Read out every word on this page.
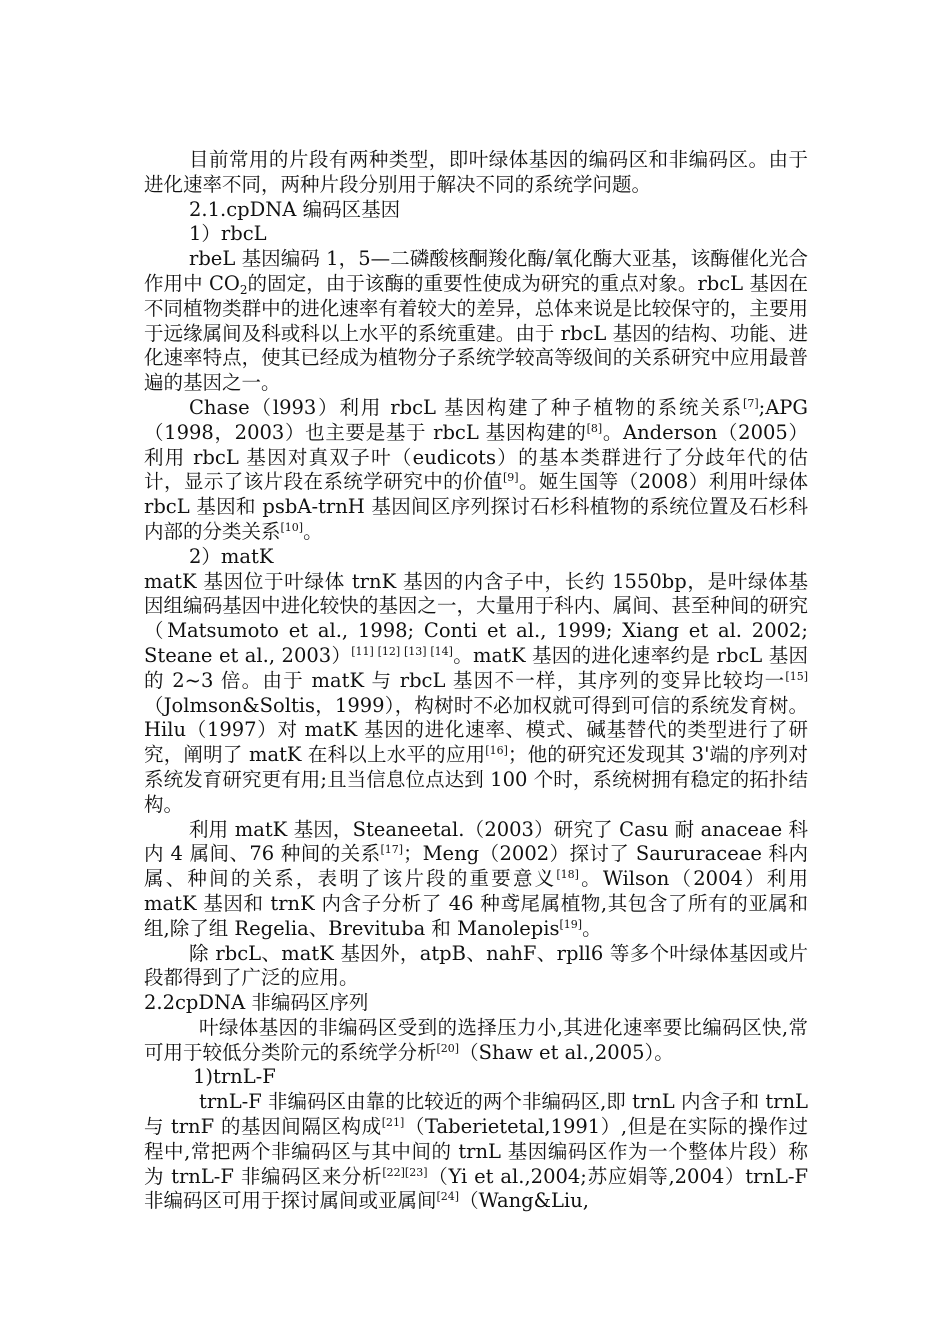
目前常用的片段有两种类型，即叶绿体基因的编码区和非编码区。由于进化速率不同，两种片段分别用于解决不同的系统学问题。

2.1.cpDNA 编码区基因

1）rbcL

rbeL 基因编码 1，5—二磷酸核酮羧化酶/氧化酶大亚基，该酶催化光合作用中 $CO_2$的固定，由于该酶的重要性使成为研究的重点对象。rbcL 基因在不同植物类群中的进化速率有着较大的差异，总体来说是比较保守的，主要用于远缘属间及科或科以上水平的系统重建。由于 rbcL 基因的结构、功能、进化速率特点，使其已经成为植物分子系统学较高等级间的关系研究中应用最普遍的基因之一。

Chase（l993）利用 rbcL 基因构建了种子植物的系统关系[7];APG（1998，2003）也主要是基于 rbcL 基因构建的[8]。Anderson（2005）利用 rbcL 基因对真双子叶（eudicots）的基本类群进行了分歧年代的估计，显示了该片段在系统学研究中的价值[9]。姬生国等（2008）利用叶绿体 rbcL 基因和 psbA-trnH 基因间区序列探讨石杉科植物的系统位置及石杉科内部的分类关系[10]。

2）matK

matK 基因位于叶绿体 trnK 基因的内含子中，长约 1550bp，是叶绿体基因组编码基因中进化较快的基因之一，大量用于科内、属间、甚至种间的研究（Matsumoto et al., 1998; Conti et al., 1999; Xiang et al. 2002; Steane et al., 2003）[11] [12] [13] [14]。matK 基因的进化速率约是 rbcL 基因的 2~3 倍。由于 matK 与 rbcL 基因不一样，其序列的变异比较均一[15]（Jolmson&Soltis，1999），构树时不必加权就可得到可信的系统发育树。Hilu（1997）对 matK 基因的进化速率、模式、碱基替代的类型进行了研究，阐明了 matK 在科以上水平的应用[16]；他的研究还发现其 3'端的序列对系统发育研究更有用;且当信息位点达到 100 个时，系统树拥有稳定的拓扑结构。

利用 matK 基因，Steaneetal.（2003）研究了 Casu 耐 anaceae 科内 4 属间、76 种间的关系[17]；Meng（2002）探讨了 Saururaceae 科内属、种间的关系，表明了该片段的重要意义[18]。Wilson（2004）利用 matK 基因和 trnK 内含子分析了 46 种鸢尾属植物,其包含了所有的亚属和组,除了组 Regelia、Brevituba 和 Manolepis[19]。

除 rbcL、matK 基因外，atpB、nahF、rpll6 等多个叶绿体基因或片段都得到了广泛的应用。

2.2cpDNA 非编码区序列

叶绿体基因的非编码区受到的选择压力小,其进化速率要比编码区快,常可用于较低分类阶元的系统学分析[20]（Shaw et al.,2005）。

1)trnL-F

trnL-F 非编码区由靠的比较近的两个非编码区,即 trnL 内含子和 trnL 与 trnF 的基因间隔区构成[21]（Taberietetal,1991）,但是在实际的操作过程中,常把两个非编码区与其中间的 trnL 基因编码区作为一个整体片段）称为 trnL-F 非编码区来分析[22][23]（Yi et al.,2004;苏应娟等,2004）trnL-F 非编码区可用于探讨属间或亚属间[24]（Wang&Liu,
